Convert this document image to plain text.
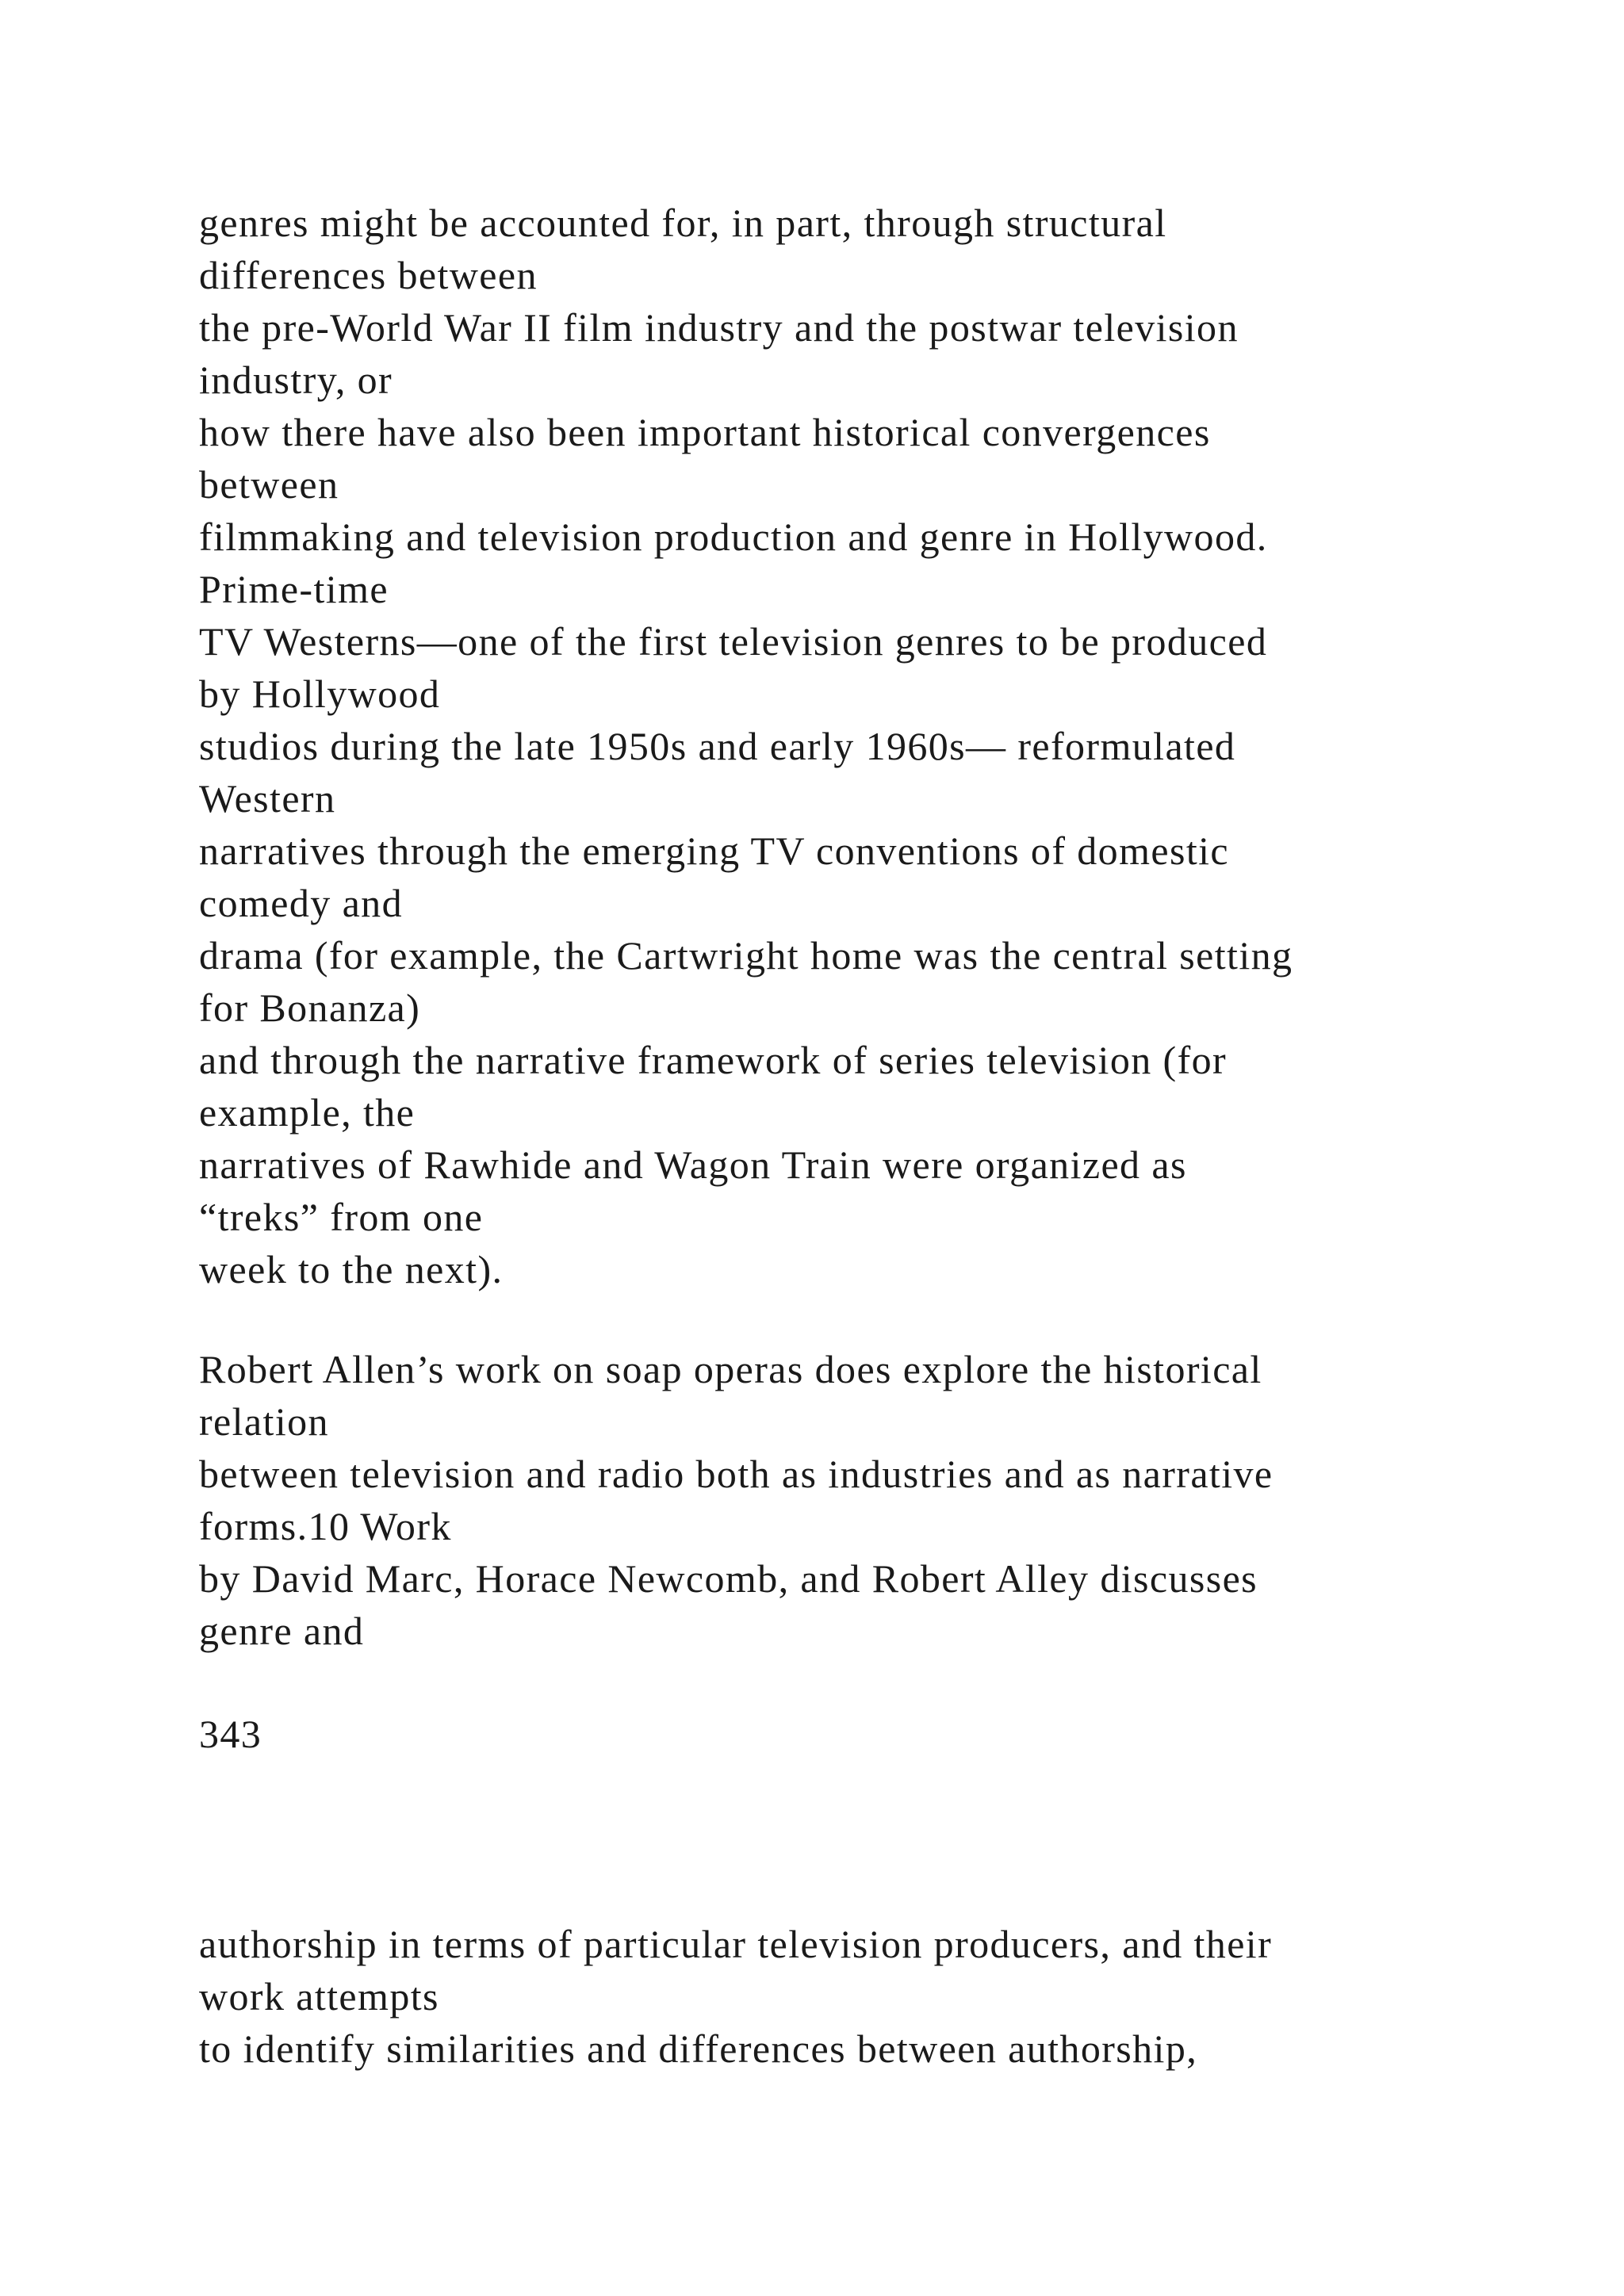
genres might be accounted for, in part, through structural
differences between
the pre-World War II film industry and the postwar television
industry, or
how there have also been important historical convergences
between
filmmaking and television production and genre in Hollywood.
Prime-time
TV Westerns—one of the first television genres to be produced
by Hollywood
studios during the late 1950s and early 1960s— reformulated
Western
narratives through the emerging TV conventions of domestic
comedy and
drama (for example, the Cartwright home was the central setting
for Bonanza)
and through the narrative framework of series television (for
example, the
narratives of Rawhide and Wagon Train were organized as
“treks” from one
week to the next).
Robert Allen’s work on soap operas does explore the historical
relation
between television and radio both as industries and as narrative
forms.10 Work
by David Marc, Horace Newcomb, and Robert Alley discusses
genre and
343
authorship in terms of particular television producers, and their
work attempts
to identify similarities and differences between authorship,
